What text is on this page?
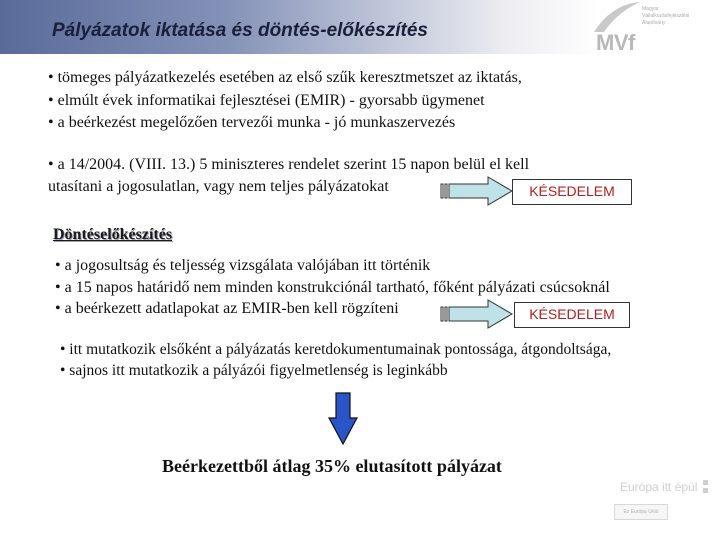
Pályázatok iktatása és döntés-előkészítés	MVf
Magyar
Vállalkozásfejlesztési
Alapítvány
• tömeges pályázatkezelés esetében az első szűk keresztmetszet az iktatás,
• elmúlt évek informatikai fejlesztései (EMIR) - gyorsabb ügymenet
• a beérkezést megelőzően tervezői munka - jó munkaszervezés
• a 14/2004. (VIII. 13.) 5 miniszteres rendelet szerint 15 napon belül el kell
utasítani a jogosulatlan, vagy nem teljes pályázatokat	KÉSEDELEM
Döntéselőkészítés
• a jogosultság és teljesség vizsgálata valójában itt történik
• a 15 napos határidő nem minden konstrukciónál tartható, főként pályázati csúcsoknál
• a beérkezett adatlapokat az EMIR-ben kell rögzíteni	KÉSEDELEM
• itt mutatkozik elsőként a pályázatás keretdokumentumainak pontossága, átgondoltsága,
• sajnos itt mutatkozik a pályázói figyelmetlenség is leginkább
Beérkezettből átlag 35% elutasított pályázat
Európa itt épül
Ez Európa Unió
